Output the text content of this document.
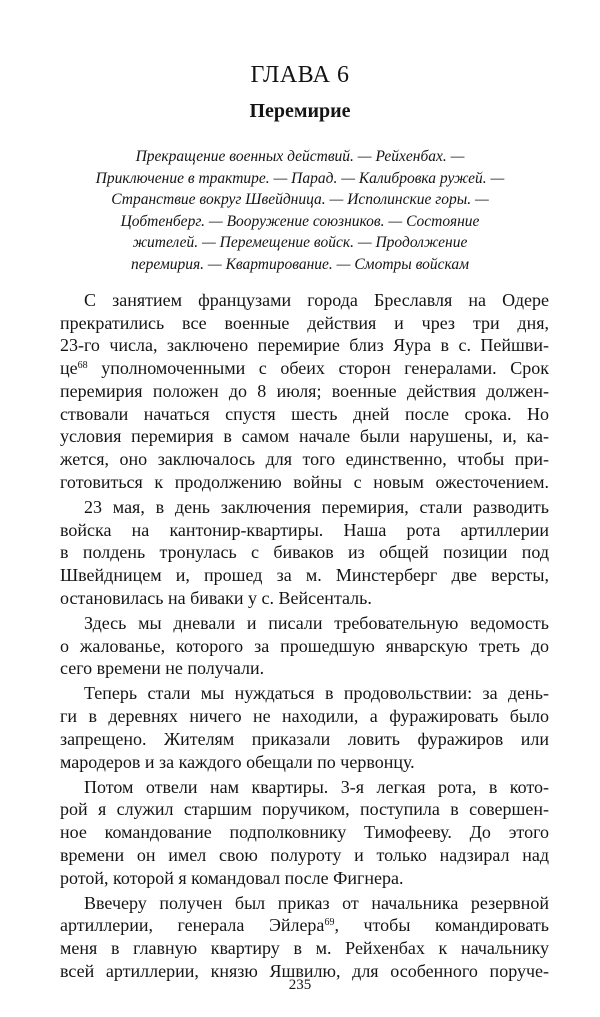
ГЛАВА 6
Перемирие
Прекращение военных действий. — Рейхенбах. —
Приключение в трактире. — Парад. — Калибровка ружей. —
Странствие вокруг Швейдница. — Исполинские горы. —
Цобтенберг. — Вооружение союзников. — Состояние
жителей. — Перемещение войск. — Продолжение
перемирия. — Квартирование. — Смотры войскам
С занятием французами города Бреславля на Одере
прекратились все военные действия и чрез три дня,
23-го числа, заключено перемирие близ Яура в с. Пейшви-
$це^{68}$ уполномоченными с обеих сторон генералами. Срок
перемирия положен до 8 июля; военные действия должен-
ствовали начаться спустя шесть дней после срока. Но
условия перемирия в самом начале были нарушены, и, ка-
жется, оно заключалось для того единственно, чтобы при-
готовиться к продолжению войны с новым ожесточением.
23 мая, в день заключения перемирия, стали разводить
войска на кантонир-квартиры. Наша рота артиллерии
в полдень тронулась с биваков из общей позиции под
Швейдницем и, прошед за м. Минстерберг две версты,
остановилась на биваки у с. Вейсенталь.
Здесь мы дневали и писали требовательную ведомость
о жалованье, которого за прошедшую январскую треть до
сего времени не получали.
Теперь стали мы нуждаться в продовольствии: за день-
ги в деревнях ничего не находили, а фуражировать было
запрещено. Жителям приказали ловить фуражиров или
мародеров и за каждого обещали по червонцу.
Потом отвели нам квартиры. 3-я легкая рота, в кото-
рой я служил старшим поручиком, поступила в совершен-
ное командование подполковнику Тимофееву. До этого
времени он имел свою полуроту и только надзирал над
ротой, которой я командовал после Фигнера.
Ввечеру получен был приказ от начальника резервной
артиллерии, генерала Эйлера$^{69}$, чтобы командировать
меня в главную квартиру в м. Рейхенбах к начальнику
всей артиллерии, князю Яшвилю, для особенного поруче-
235
